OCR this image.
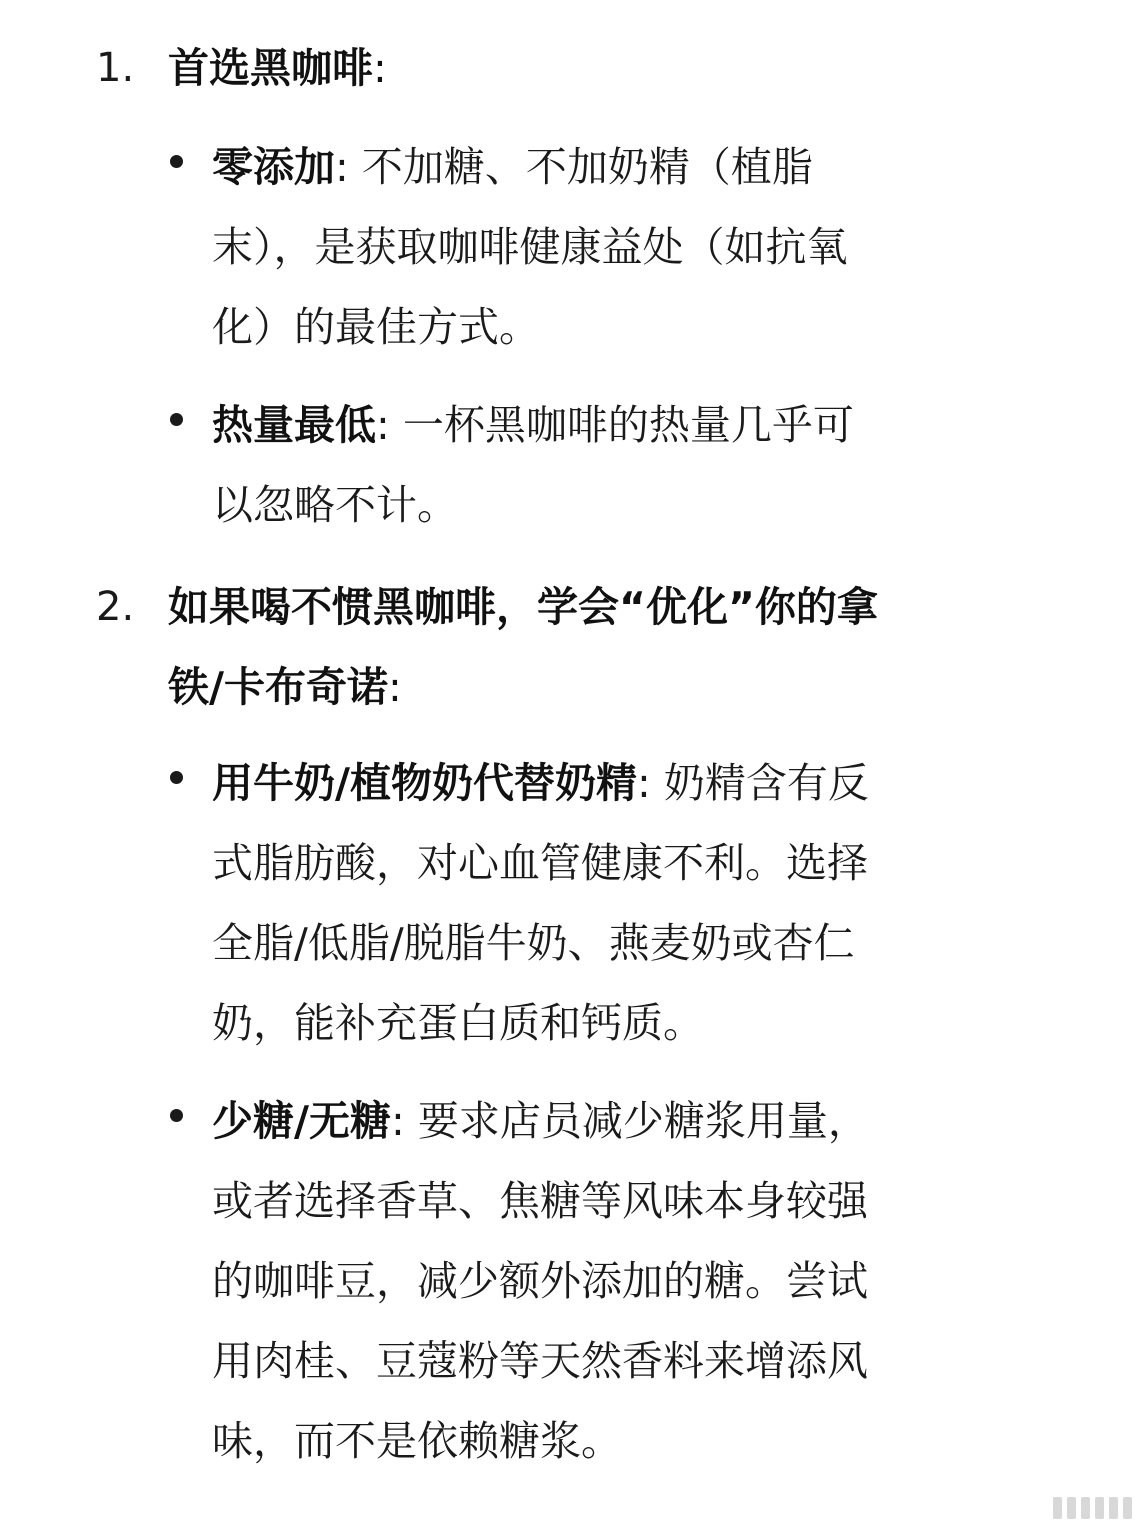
1. 首选黑咖啡:
零添加: 不加糖、不加奶精（植脂
末），是获取咖啡健康益处（如抗氧
化）的最佳方式。
热量最低: 一杯黑咖啡的热量几乎可
以忽略不计。
2. 如果喝不惯黑咖啡，学会“优化”你的拿
铁/卡布奇诺:
用牛奶/植物奶代替奶精: 奶精含有反
式脂肪酸，对心血管健康不利。选择
全脂/低脂/脱脂牛奶、燕麦奶或杏仁
奶，能补充蛋白质和钙质。
少糖/无糖: 要求店员减少糖浆用量，
或者选择香草、焦糖等风味本身较强
的咖啡豆，减少额外添加的糖。尝试
用肉桂、豆蔻粉等天然香料来增添风
味，而不是依赖糖浆。
